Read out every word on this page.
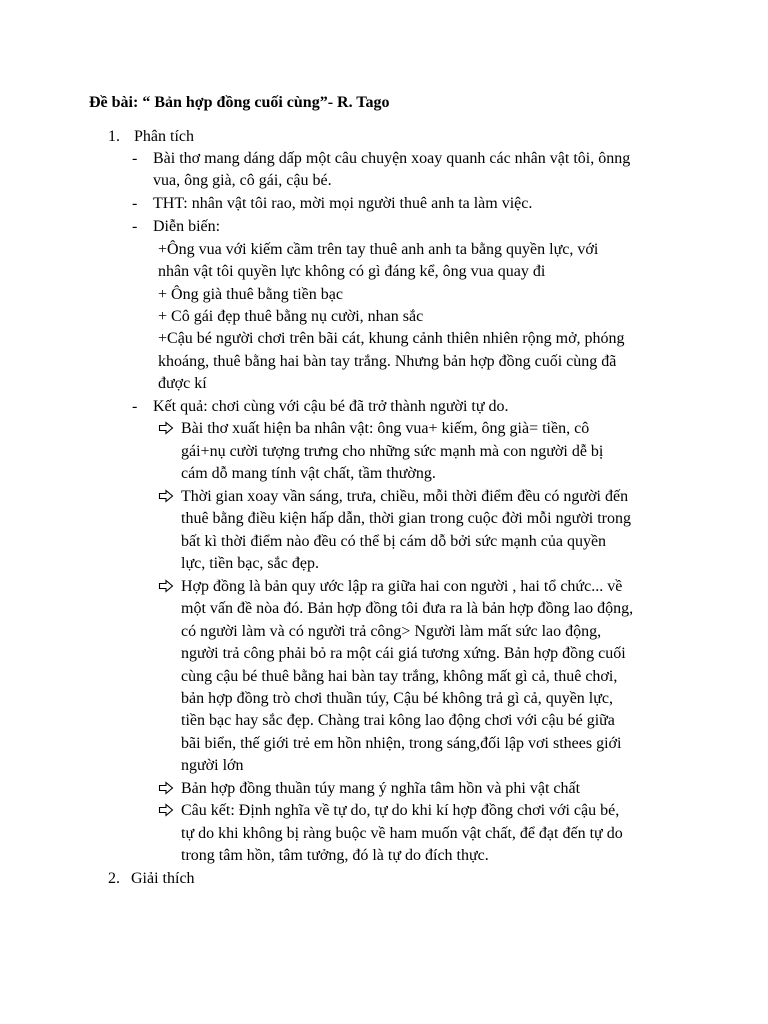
Đề bài: “ Bản hợp đồng cuối cùng”- R. Tago
1. Phân tích
- Bài thơ mang dáng dấp một câu chuyện xoay quanh các nhân vật tôi, ônng
vua, ông già, cô gái, cậu bé.
- THT: nhân vật tôi rao, mời mọi người thuê anh ta làm việc.
- Diễn biến:
+Ông vua với kiếm cầm trên tay thuê anh anh ta bằng quyền lực, với
nhân vật tôi quyền lực không có gì đáng kể, ông vua quay đi
+ Ông già thuê bằng tiền bạc
+ Cô gái đẹp thuê bằng nụ cười, nhan sắc
+Cậu bé người chơi trên bãi cát, khung cảnh thiên nhiên rộng mở, phóng
khoáng, thuê bằng hai bàn tay trắng. Nhưng bản hợp đồng cuối cùng đã
được kí
- Kết quả: chơi cùng với cậu bé đã trở thành người tự do.
Bài thơ xuất hiện ba nhân vật: ông vua+ kiếm, ông già= tiền, cô
gái+nụ cười tượng trưng cho những sức mạnh mà con người dễ bị
cám dỗ mang tính vật chất, tầm thường.
Thời gian xoay vần sáng, trưa, chiều, mỗi thời điểm đều có người đến
thuê bằng điều kiện hấp dẫn, thời gian trong cuộc đời mỗi người trong
bất kì thời điểm nào đều có thể bị cám dỗ bởi sức mạnh của quyền
lực, tiền bạc, sắc đẹp.
Hợp đồng là bản quy ước lập ra giữa hai con người , hai tổ chức... về
một vấn đề nòa đó. Bản hợp đồng tôi đưa ra là bản hợp đồng lao động,
có người làm và có người trả công> Người làm mất sức lao động,
người trả công phải bỏ ra một cái giá tương xứng. Bản hợp đồng cuối
cùng cậu bé thuê bằng hai bàn tay trắng, không mất gì cả, thuê chơi,
bản hợp đồng trò chơi thuần túy, Cậu bé không trả gì cả, quyền lực,
tiền bạc hay sắc đẹp. Chàng trai kông lao động chơi với cậu bé giữa
bãi biển, thế giới trẻ em hồn nhiện, trong sáng,đối lập vơi sthees giới
người lớn
Bản hợp đồng thuần túy mang ý nghĩa tâm hồn và phi vật chất
Câu kết: Định nghĩa về tự do, tự do khi kí hợp đồng chơi với cậu bé,
tự do khi không bị ràng buộc về ham muốn vật chất, để đạt đến tự do
trong tâm hồn, tâm tưởng, đó là tự do đích thực.
2. Giải thích
